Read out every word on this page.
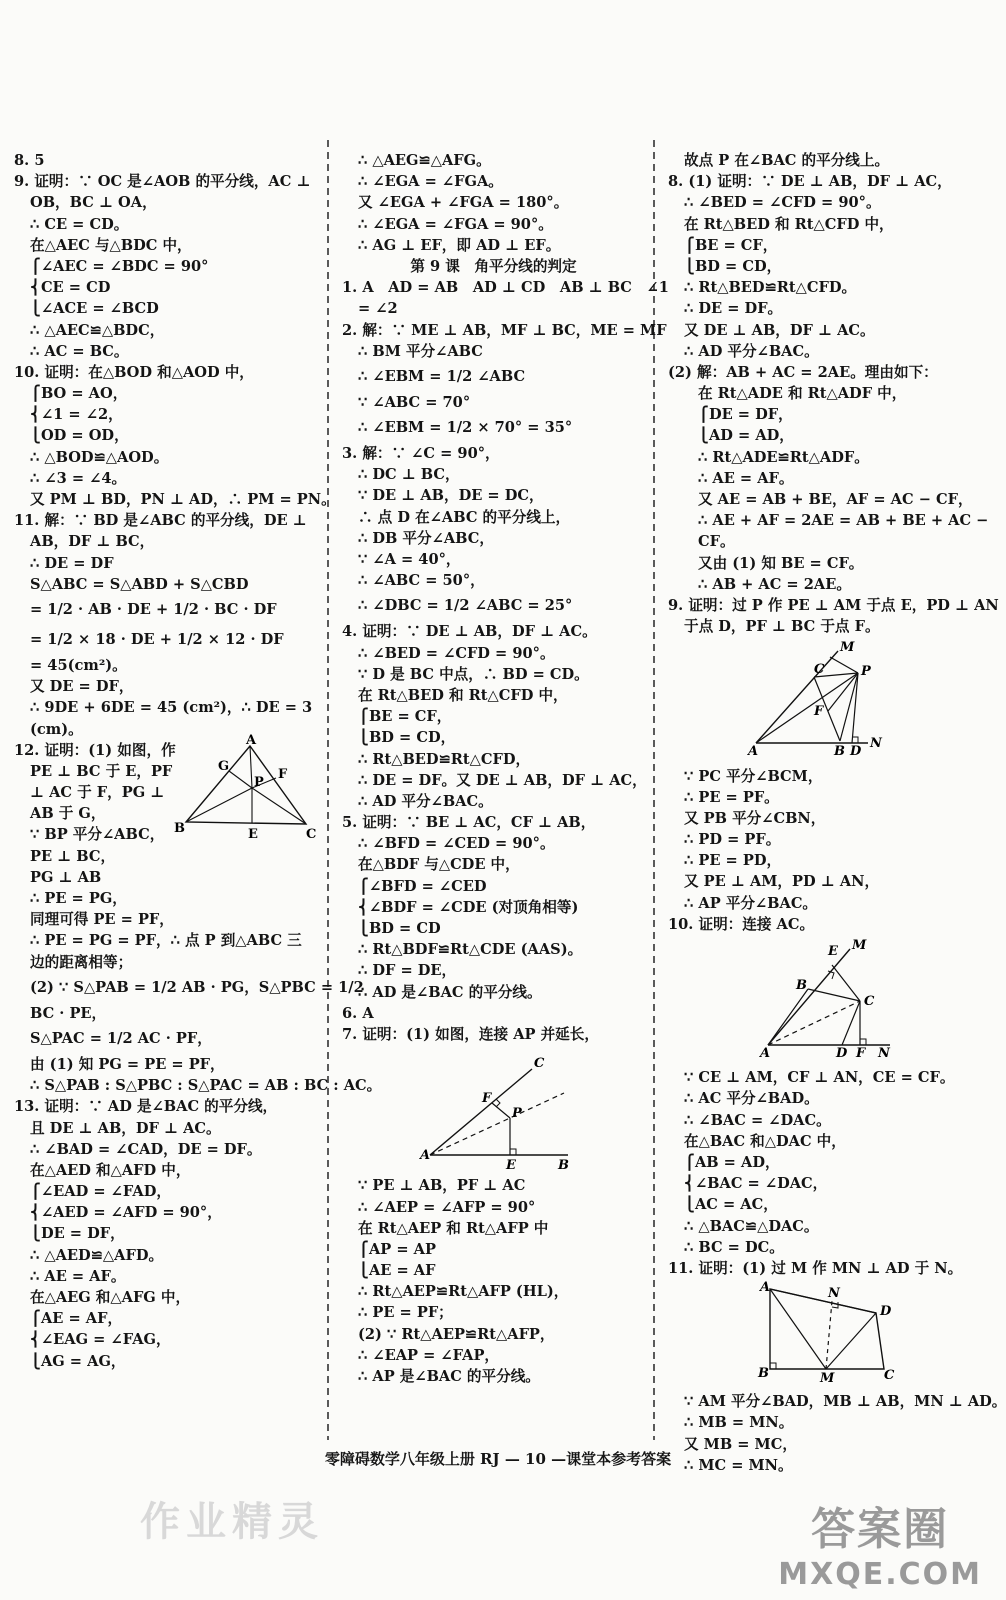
8. 5
9. 证明：∵ OC 是∠AOB 的平分线，AC ⊥
OB，BC ⊥ OA，
∴ CE = CD。
在△AEC 与△BDC 中，
⎧∠AEC = ∠BDC = 90°
⎨CE = CD
⎩∠ACE = ∠BCD
∴ △AEC≌△BDC，
∴ AC = BC。
10. 证明：在△BOD 和△AOD 中，
⎧BO = AO，
⎨∠1 = ∠2，
⎩OD = OD，
∴ △BOD≌△AOD。
∴ ∠3 = ∠4。
又 PM ⊥ BD，PN ⊥ AD，∴ PM = PN。
11. 解：∵ BD 是∠ABC 的平分线，DE ⊥
AB，DF ⊥ BC，
∴ DE = DF
S△ABC = S△ABD + S△CBD
= 1/2 · AB · DE + 1/2 · BC · DF
= 1/2 × 18 · DE + 1/2 × 12 · DF
= 45(cm²)。
又 DE = DF，
∴ 9DE + 6DE = 45 (cm²)，∴ DE = 3
(cm)。
A
B	C
E
F
G
P
12. 证明：(1) 如图，作
PE ⊥ BC 于 E，PF
⊥ AC 于 F，PG ⊥
AB 于 G，
∵ BP 平分∠ABC，
PE ⊥ BC，
PG ⊥ AB
∴ PE = PG，
同理可得 PE = PF，
∴ PE = PG = PF，∴ 点 P 到△ABC 三
边的距离相等；
(2) ∵ S△PAB = 1/2 AB · PG，S△PBC = 1/2
BC · PE，
S△PAC = 1/2 AC · PF，
由 (1) 知 PG = PE = PF，
∴ S△PAB : S△PBC : S△PAC = AB : BC : AC。
13. 证明：∵ AD 是∠BAC 的平分线，
且 DE ⊥ AB，DF ⊥ AC。
∴ ∠BAD = ∠CAD，DE = DF。
在△AED 和△AFD 中，
⎧∠EAD = ∠FAD，
⎨∠AED = ∠AFD = 90°，
⎩DE = DF，
∴ △AED≌△AFD。
∴ AE = AF。
在△AEG 和△AFG 中，
⎧AE = AF，
⎨∠EAG = ∠FAG，
⎩AG = AG，
∴ △AEG≌△AFG。
∴ ∠EGA = ∠FGA。
又 ∠EGA + ∠FGA = 180°。
∴ ∠EGA = ∠FGA = 90°。
∴ AG ⊥ EF，即 AD ⊥ EF。
第 9 课　角平分线的判定
1. A　AD = AB　AD ⊥ CD　AB ⊥ BC　∠1
= ∠2
2. 解：∵ ME ⊥ AB，MF ⊥ BC，ME = MF
∴ BM 平分∠ABC
∴ ∠EBM = 1/2 ∠ABC
∵ ∠ABC = 70°
∴ ∠EBM = 1/2 × 70° = 35°
3. 解：∵ ∠C = 90°，
∴ DC ⊥ BC，
∵ DE ⊥ AB，DE = DC，
∴ 点 D 在∠ABC 的平分线上，
∴ DB 平分∠ABC，
∵ ∠A = 40°，
∴ ∠ABC = 50°，
∴ ∠DBC = 1/2 ∠ABC = 25°
4. 证明：∵ DE ⊥ AB，DF ⊥ AC。
∴ ∠BED = ∠CFD = 90°。
∵ D 是 BC 中点，∴ BD = CD。
在 Rt△BED 和 Rt△CFD 中，
⎧BE = CF，
⎩BD = CD，
∴ Rt△BED≌Rt△CFD，
∴ DE = DF。又 DE ⊥ AB，DF ⊥ AC，
∴ AD 平分∠BAC。
5. 证明：∵ BE ⊥ AC，CF ⊥ AB，
∴ ∠BFD = ∠CED = 90°。
在△BDF 与△CDE 中，
⎧∠BFD = ∠CED
⎨∠BDF = ∠CDE (对顶角相等)
⎩BD = CD
∴ Rt△BDF≌Rt△CDE (AAS)。
∴ DF = DE，
∴ AD 是∠BAC 的平分线。
6. A
7. 证明：(1) 如图，连接 AP 并延长，
C
F
P
A
E	B
∵ PE ⊥ AB，PF ⊥ AC
∴ ∠AEP = ∠AFP = 90°
在 Rt△AEP 和 Rt△AFP 中
⎧AP = AP
⎩AE = AF
∴ Rt△AEP≌Rt△AFP (HL)，
∴ PE = PF；
(2) ∵ Rt△AEP≌Rt△AFP，
∴ ∠EAP = ∠FAP，
∴ AP 是∠BAC 的平分线。
故点 P 在∠BAC 的平分线上。
8. (1) 证明：∵ DE ⊥ AB，DF ⊥ AC，
∴ ∠BED = ∠CFD = 90°。
在 Rt△BED 和 Rt△CFD 中，
⎧BE = CF，
⎩BD = CD，
∴ Rt△BED≌Rt△CFD。
∴ DE = DF。
又 DE ⊥ AB，DF ⊥ AC。
∴ AD 平分∠BAC。
(2) 解：AB + AC = 2AE。理由如下：
在 Rt△ADE 和 Rt△ADF 中，
⎧DE = DF，
⎩AD = AD，
∴ Rt△ADE≌Rt△ADF。
∴ AE = AF。
又 AE = AB + BE，AF = AC − CF，
∴ AE + AF = 2AE = AB + BE + AC −
CF。
又由 (1) 知 BE = CF。
∴ AB + AC = 2AE。
9. 证明：过 P 作 PE ⊥ AM 于点 E，PD ⊥ AN
于点 D，PF ⊥ BC 于点 F。
M
C	P
F
A	B D
N
∵ PC 平分∠BCM，
∴ PE = PF。
又 PB 平分∠CBN，
∴ PD = PF。
∴ PE = PD，
又 PE ⊥ AM，PD ⊥ AN，
∴ AP 平分∠BAC。
10. 证明：连接 AC。
E M
B
C
A	D F N
∵ CE ⊥ AM，CF ⊥ AN，CE = CF。
∴ AC 平分∠BAD。
∴ ∠BAC = ∠DAC。
在△BAC 和△DAC 中，
⎧AB = AD，
⎨∠BAC = ∠DAC，
⎩AC = AC，
∴ △BAC≌△DAC。
∴ BC = DC。
11. 证明：(1) 过 M 作 MN ⊥ AD 于 N。
A	N
D
B	M	C
∵ AM 平分∠BAD，MB ⊥ AB，MN ⊥ AD。
∴ MB = MN。
又 MB = MC，
∴ MC = MN。
零障碍数学八年级上册 RJ — 10 —课堂本参考答案
作业精灵	答案圈
MXQE.COM
